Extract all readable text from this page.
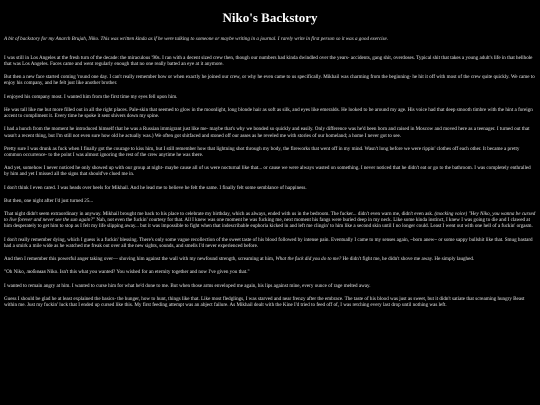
Niko's Backstory

A bit of backstory for my Anarch Brujah, Niko. This was written kinda as if he were talking to someone or maybe writing in a journal. I rarely write in first person so it was a good exercise.

I was still in Los Angeles at the fresh turn of the decade: the miraculous '90s. I ran with a decent sized crew then, though our numbers had kinda dwindled over the years- accidents, gang shit, overdoses. Typical shit that takes a young adult's life in that hellhole that was Los Angeles. Faces came and went regularly enough that no one really batted an eye at it anymore.

But then a new face started coming 'round one day. I can't really remember how or when exactly he joined our crew, or why he even came to us specifically. Mikhail was charming from the beginning- he hit it off with most of the crew quite quickly. We came to enjoy his company, and he felt just like another brother.

I enjoyed his company most. I wanted him from the first time my eyes fell upon him.

He was tall like me but more filled out in all the right places. Pale-skin that seemed to glow in the moonlight, long blonde hair as soft as silk, and eyes like emeralds. He looked to be around my age. His voice had that deep smooth timbre with the hint a foreign accent to compliment it. Every time he spoke it sent shivers down my spine.

I had a hunch from the moment he introduced himself that he was a Russian immigrant just like me- maybe that's why we bonded so quickly and easily. Only difference was he'd been born and raised in Moscow and moved here as a teenager. I turned out that wasn't a recent thing, but I'm still not even sure how old he actually was.) We often got shitfaced and stoned off our asses as he reveled me with stories of our homeland; a home I never got to see.

Pretty sure I was drunk as fuck when I finally got the courage to kiss him, but I still remember how that lightning shot through my body, the fireworks that went off in my mind. Wasn't long before we were rippin' clothes off each other. It became a pretty common occurrence- to the point I was almost ignoring the rest of the crew anytime he was there.

And yet, somehow I never noticed he only showed up with our group at night- maybe cause all of us were nocturnal like that... or cause we were always wasted on something. I never noticed that he didn't eat or go to the bathroom. I was completely enthralled by him and yet I missed all the signs that should've clued me in.

I don't think I even cared. I was heads over heels for Mikhail. And he lead me to believe he felt the same. I finally felt some semblance of happiness.

But then, one night after I'd just turned 25...

That night didn't seem extraordinary in anyway. Mikhail brought me back to his place to celebrate my birthday, which as always, ended with us in the bedroom. The fucker... didn't even warn me, didn't even ask. (mocking voice) "Hey Niko, you wanna be cursed to live forever and never see the sun again?" Nah, not even the fuckin' courtesy for that. All I knew was one moment he was fucking me, next moment his fangs were buried deep in my neck. Like some kinda instinct, I knew I was going to die and I clawed at him desperately to get him to stop as I felt my life slipping away... but it was impossible to fight when that indescribable euphoria kicked in and left me clingin' to him like a second skin until I no longer could. Least I went out with one hell of a fuckin' orgasm.

I don't really remember dying, which I guess is a fuckin' blessing. There's only some vague recollection of the sweet taste of his blood followed by intense pain. Eventually I came to my senses again, ~born anew~ or some sappy bullshit like that. Smug bastard had a smirk a mile wide as he watched me freak out over all the new sights, sounds, and smells I'd never experienced before.

And then I remember this powerful anger taking over— shoving him against the wall with my newfound strength, screaming at him, What the fuck did you do to me? He didn't fight me, he didn't shove me away. He simply laughed.

"Oh Niko, любимая Niko. Isn't this what you wanted? You wished for an eternity together and now I've given you that."

I wanted to remain angry at him. I wanted to curse him for what he'd done to me. But when those arms enveloped me again, his lips against mine, every ounce of rage melted away.

Guess I should be glad he at least explained the basics- the hunger, how to hunt, things like that. Like most fledglings, I was starved and near frenzy after the embrace. The taste of his blood was just as sweet, but it didn't satiate that screaming hungry Beast within me. Just my fuckin' luck that I ended up cursed like this. My first feeding attempt was an abject failure. As Mikhail dealt with the Kine I'd tried to feed off of, I was retching every last drop until nothing was left.
